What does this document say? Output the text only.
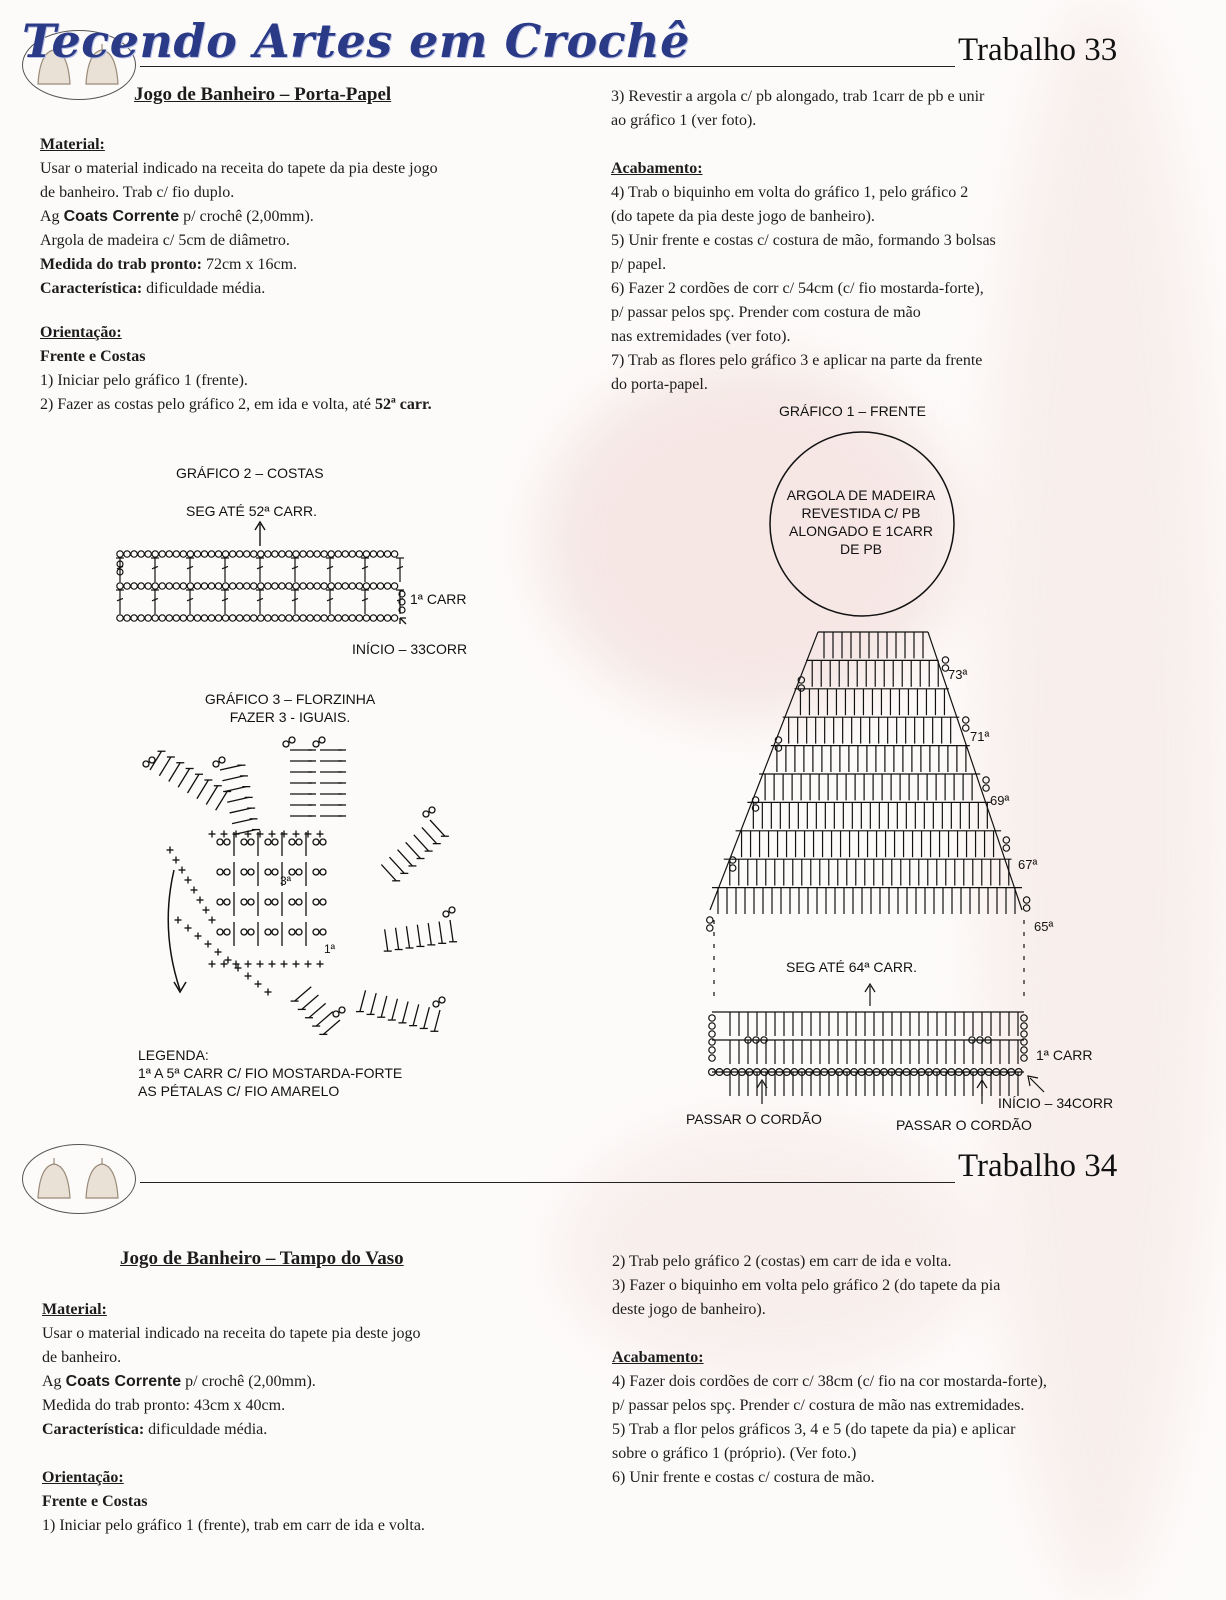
Tecendo Artes em Crochê	Trabalho 33
Jogo de Banheiro – Porta-Papel

Material:

Usar o material indicado na receita do tapete da pia deste jogo

de banheiro. Trab c/ fio duplo.

Ag Coats Corrente p/ crochê (2,00mm).

Argola de madeira c/ 5cm de diâmetro.

Medida do trab pronto: 72cm x 16cm.

Característica: dificuldade média.

Orientação:

Frente e Costas

1) Iniciar pelo gráfico 1 (frente).

2) Fazer as costas pelo gráfico 2, em ida e volta, até 52ª carr.

3) Revestir a argola c/ pb alongado, trab 1carr de pb e unir

ao gráfico 1 (ver foto).

Acabamento:

4) Trab o biquinho em volta do gráfico 1, pelo gráfico 2

(do tapete da pia deste jogo de banheiro).

5) Unir frente e costas c/ costura de mão, formando 3 bolsas

p/ papel.

6) Fazer 2 cordões de corr c/ 54cm (c/ fio mostarda-forte),

p/ passar pelos spç. Prender com costura de mão

nas extremidades (ver foto).

7) Trab as flores pelo gráfico 3 e aplicar na parte da frente

do porta-papel.

GRÁFICO 2 – COSTAS
SEG ATÉ 52ª CARR.
1ª CARR
INÍCIO – 33CORR
GRÁFICO 3 – FLORZINHA
FAZER 3 - IGUAIS.
3ª
1ª
LEGENDA:
1ª A 5ª CARR C/ FIO MOSTARDA-FORTE
AS PÉTALAS C/ FIO AMARELO
GRÁFICO 1 – FRENTE
ARGOLA DE MADEIRA
REVESTIDA C/ PB
ALONGADO E 1CARR
DE PB
73ª
71ª
69ª
67ª
65ª
SEG ATÉ 64ª CARR.
1ª CARR
INÍCIO – 34CORR
PASSAR O CORDÃO	PASSAR O CORDÃO
Trabalho 34
Jogo de Banheiro – Tampo do Vaso

Material:

Usar o material indicado na receita do tapete pia deste jogo

de banheiro.

Ag Coats Corrente p/ crochê (2,00mm).

Medida do trab pronto: 43cm x 40cm.

Característica: dificuldade média.

Orientação:

Frente e Costas

1) Iniciar pelo gráfico 1 (frente), trab em carr de ida e volta.

2) Trab pelo gráfico 2 (costas) em carr de ida e volta.

3) Fazer o biquinho em volta pelo gráfico 2 (do tapete da pia

deste jogo de banheiro).

Acabamento:

4) Fazer dois cordões de corr c/ 38cm (c/ fio na cor mostarda-forte),

p/ passar pelos spç. Prender c/ costura de mão nas extremidades.

5) Trab a flor pelos gráficos 3, 4 e 5 (do tapete da pia) e aplicar

sobre o gráfico 1 (próprio). (Ver foto.)

6) Unir frente e costas c/ costura de mão.
